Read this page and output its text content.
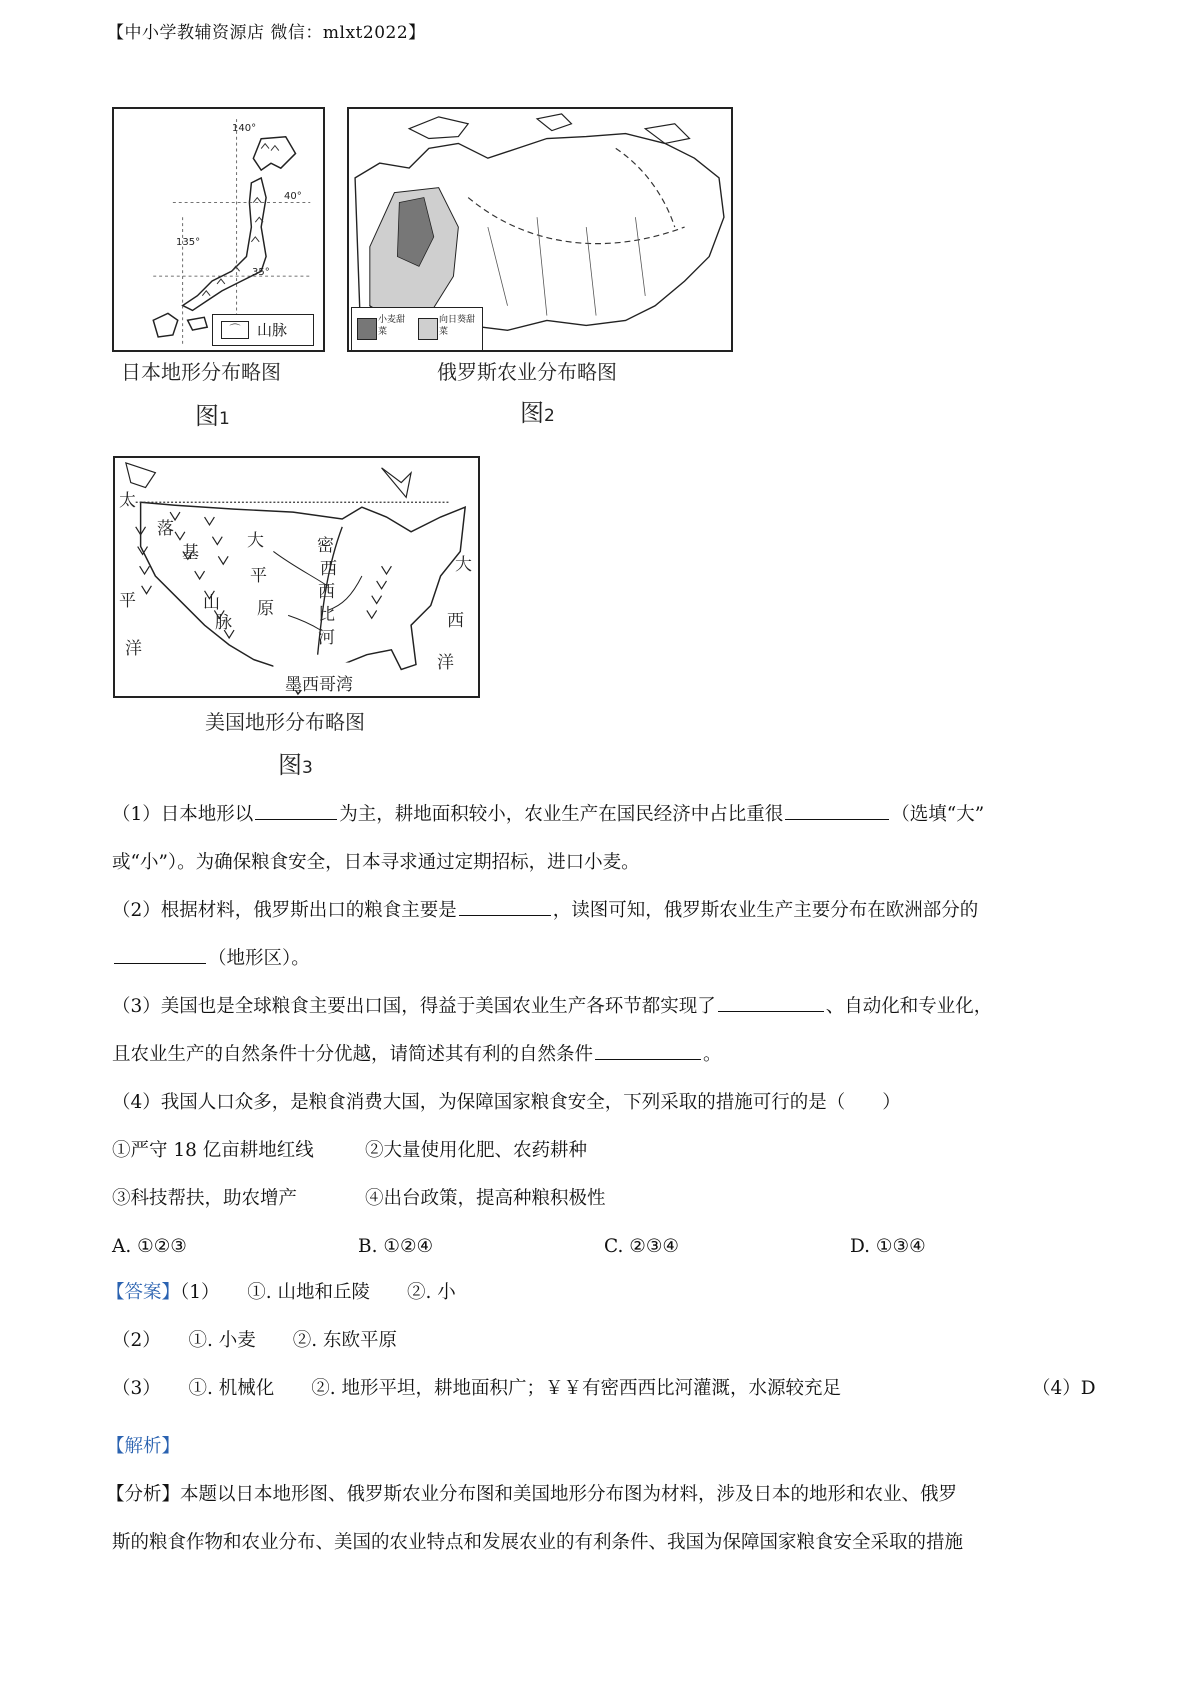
【中小学教辅资源店 微信：mlxt2022】
140°
40°
135°
35°
⌒	山脉
日本地形分布略图
图1
小麦甜菜
向日葵甜菜
俄罗斯农业分布略图
图2
太
平
洋
落
基
山
脉
大
平
原
密
西
西
比
河
大
西
洋
墨西哥湾
美国地形分布略图
图3
（1）日本地形以	为主，耕地面积较小，农业生产在国民经济中占比重很	（选填“大”
或“小”）。为确保粮食安全，日本寻求通过定期招标，进口小麦。
（2）根据材料，俄罗斯出口的粮食主要是	，读图可知，俄罗斯农业生产主要分布在欧洲部分的
（地形区）。
（3）美国也是全球粮食主要出口国，得益于美国农业生产各环节都实现了	、自动化和专业化，
且农业生产的自然条件十分优越，请简述其有利的自然条件	。
（4）我国人口众多，是粮食消费大国，为保障国家粮食安全，下列采取的措施可行的是（　　）
①严守 18 亿亩耕地红线	②大量使用化肥、农药耕种
③科技帮扶，助农增产	④出台政策，提高种粮积极性
A. ①②③	B. ①②④	C. ②③④	D. ①③④
【答案】（1）　　①. 山地和丘陵　　②. 小
（2）　　①. 小麦　　②. 东欧平原
（3）　　①. 机械化　　②. 地形平坦，耕地面积广；￥￥有密西西比河灌溉，水源较充足	（4）D
【解析】
【分析】本题以日本地形图、俄罗斯农业分布图和美国地形分布图为材料，涉及日本的地形和农业、俄罗
斯的粮食作物和农业分布、美国的农业特点和发展农业的有利条件、我国为保障国家粮食安全采取的措施
